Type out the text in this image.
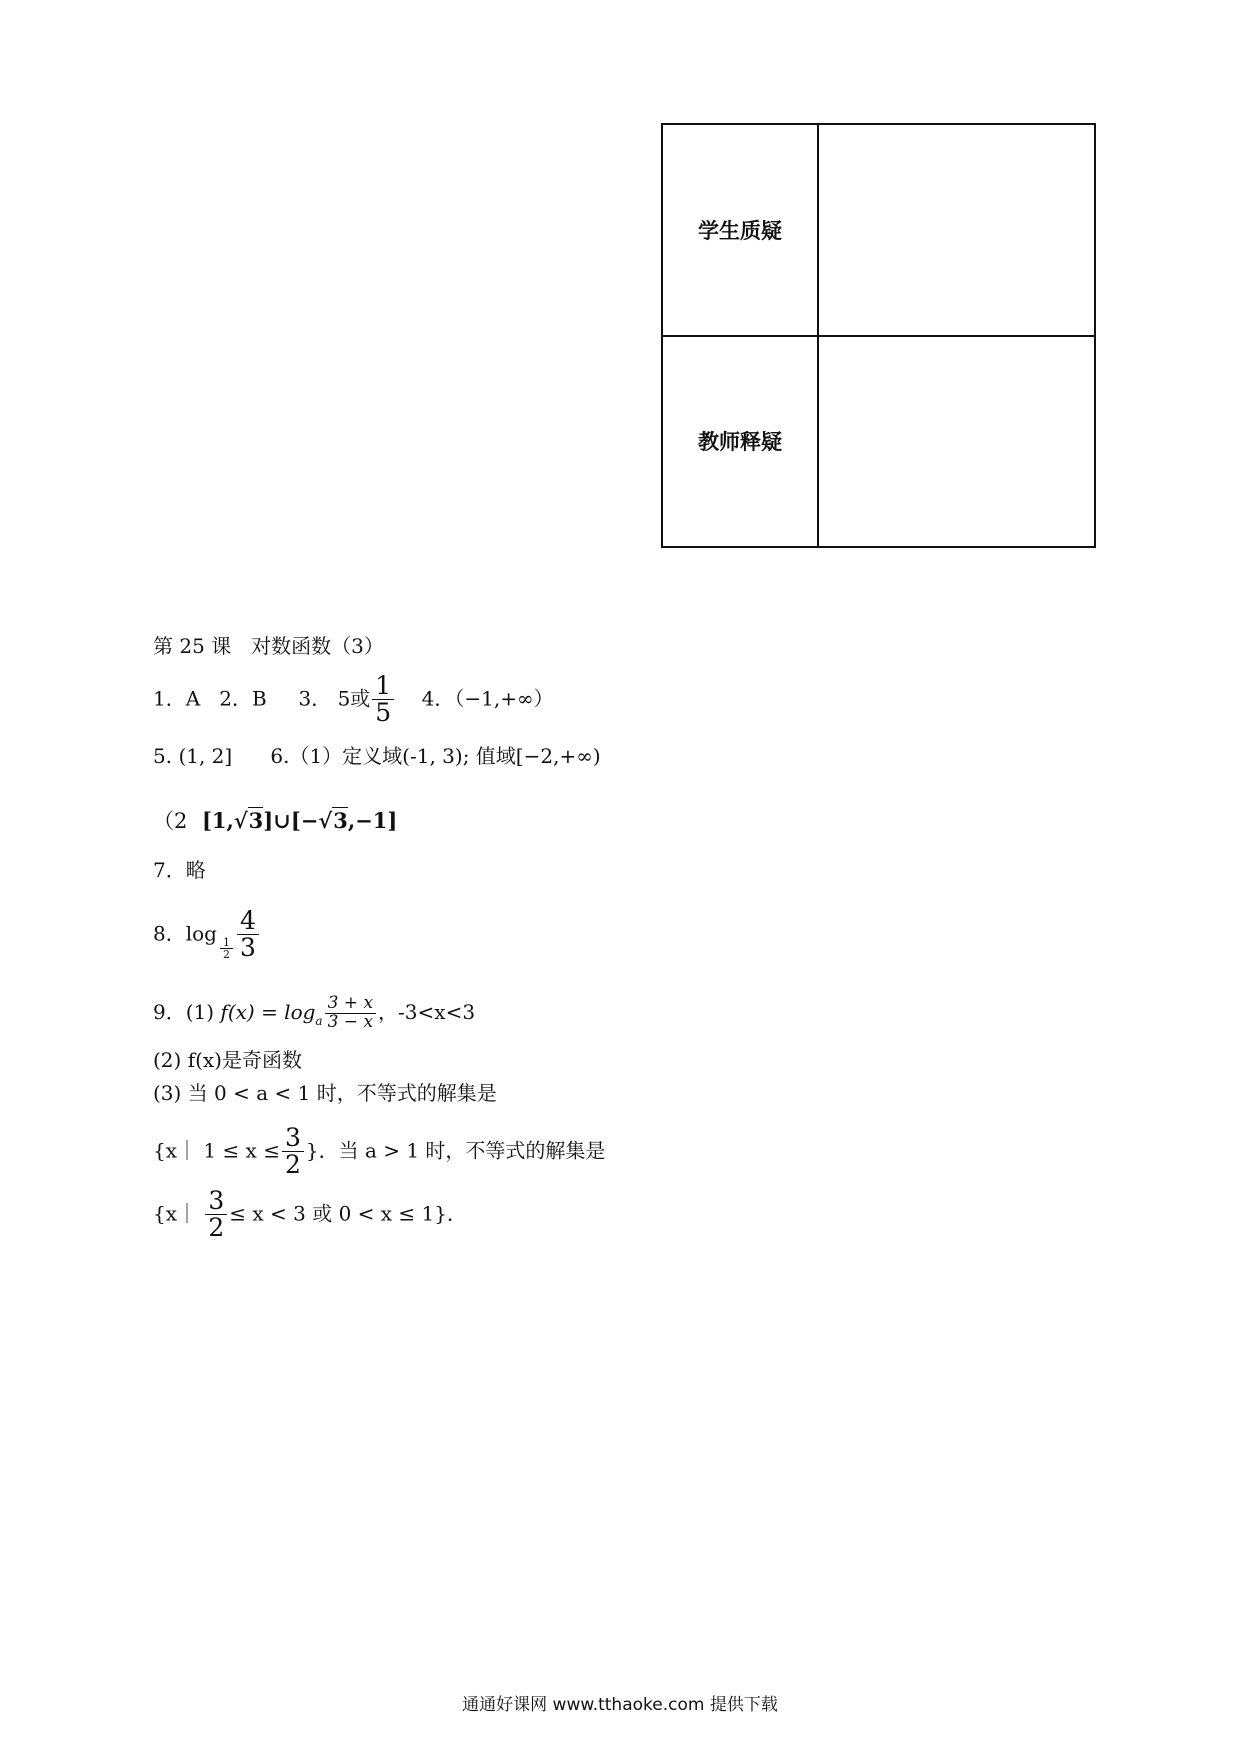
学生质疑	
教师释疑	
第 25 课　对数函数（3）
1．A 2．B 3． 5或 $\frac{1}{5} 4$．（−1,+∞）
5. (1, 2] 6.（1）定义域(-1, 3); 值域[−2,+∞)
（2 [1,√3]∪[−√3,−1]
7．略
8．log
$\frac{1}{2} \frac{4}{3}$
9．(1) $f(x) = \log_a \frac{3 + x}{3 - x}$ ，-3<x<3
(2) f(x)是奇函数
(3) 当 0 < a < 1 时，不等式的解集是
{x｜ $1 \le x \le \frac{3}{2}$ }．当 a > 1 时，不等式的解集是
{x｜ $\frac{3}{2} \le x < 3$ 或 0 < x ≤ 1}．
通通好课网 www.tthaoke.com 提供下载
